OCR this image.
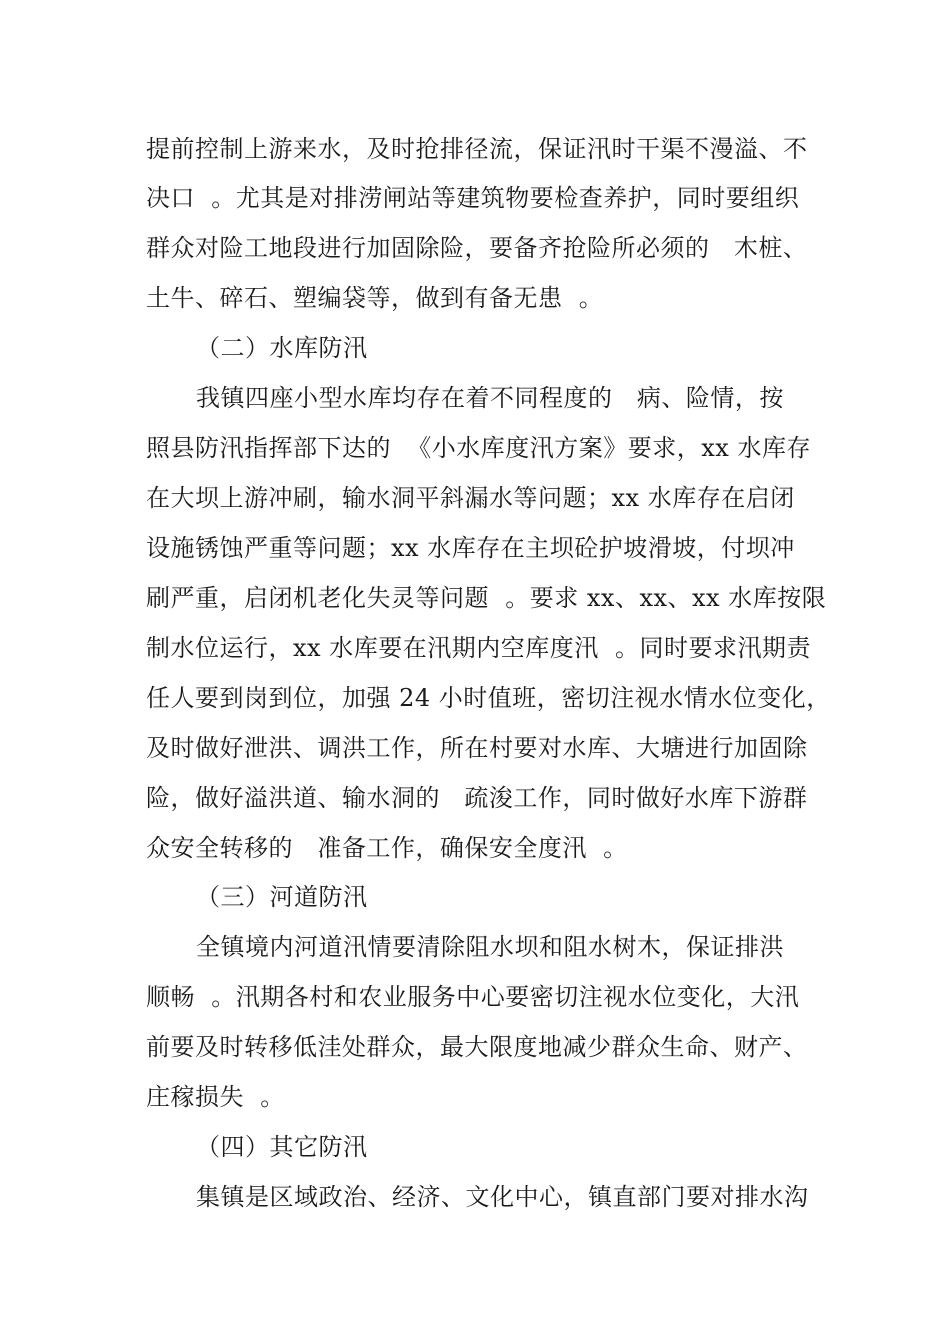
提前控制上游来水，及时抢排径流，保证汛时干渠不漫溢、不
决口  。尤其是对排涝闸站等建筑物要检查养护，同时要组织
群众对险工地段进行加固除险，要备齐抢险所必须的   木桩、
土牛、碎石、塑编袋等，做到有备无患  。
（二）水库防汛
我镇四座小型水库均存在着不同程度的   病、险情，按
照县防汛指挥部下达的  《小水库度汛方案》要求，xx 水库存
在大坝上游冲刷，输水洞平斜漏水等问题；xx 水库存在启闭
设施锈蚀严重等问题；xx 水库存在主坝砼护坡滑坡，付坝冲
刷严重，启闭机老化失灵等问题  。要求 xx、xx、xx 水库按限
制水位运行，xx 水库要在汛期内空库度汛  。同时要求汛期责
任人要到岗到位，加强 24 小时值班，密切注视水情水位变化，
及时做好泄洪、调洪工作，所在村要对水库、大塘进行加固除
险，做好溢洪道、输水洞的   疏浚工作，同时做好水库下游群
众安全转移的   准备工作，确保安全度汛  。
（三）河道防汛
全镇境内河道汛情要清除阻水坝和阻水树木，保证排洪
顺畅  。汛期各村和农业服务中心要密切注视水位变化，大汛
前要及时转移低洼处群众，最大限度地减少群众生命、财产、
庄稼损失  。
（四）其它防汛
集镇是区域政治、经济、文化中心，镇直部门要对排水沟
